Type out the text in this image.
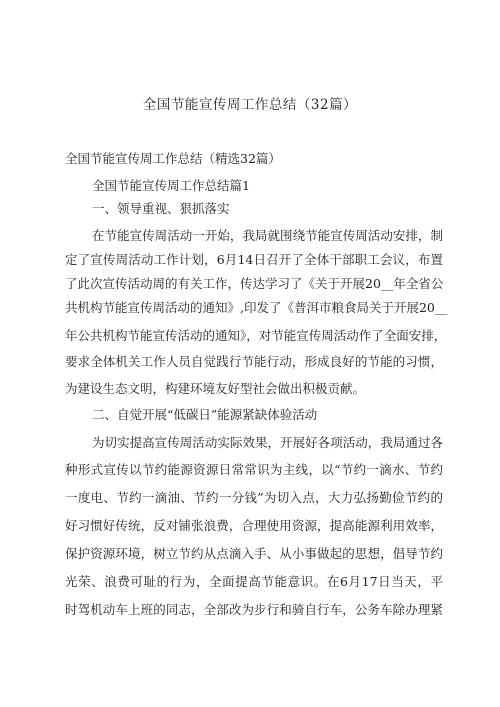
全国节能宣传周工作总结（32篇）
全国节能宣传周工作总结（精选32篇）
全国节能宣传周工作总结篇1
一、领导重视、狠抓落实
在节能宣传周活动一开始，我局就围绕节能宣传周活动安排，制
定了宣传周活动工作计划，6月14日召开了全体干部职工会议，布置
了此次宣传活动周的有关工作，传达学习了《关于开展20__年全省公
共机构节能宣传周活动的通知》,印发了《普洱市粮食局关于开展20__
年公共机构节能宣传活动的通知》，对节能宣传周活动作了全面安排，
要求全体机关工作人员自觉践行节能行动，形成良好的节能的习惯，
为建设生态文明，构建环境友好型社会做出积极贡献。
二、自觉开展“低碳日”能源紧缺体验活动
为切实提高宣传周活动实际效果，开展好各项活动，我局通过各
种形式宣传以节约能源资源日常常识为主线，以“节约一滴水、节约
一度电、节约一滴油、节约一分钱”为切入点，大力弘扬勤俭节约的
好习惯好传统，反对铺张浪费，合理使用资源，提高能源利用效率，
保护资源环境，树立节约从点滴入手、从小事做起的思想，倡导节约
光荣、浪费可耻的行为，全面提高节能意识。在6月17日当天，平
时驾机动车上班的同志，全部改为步行和骑自行车，公务车除办理紧
